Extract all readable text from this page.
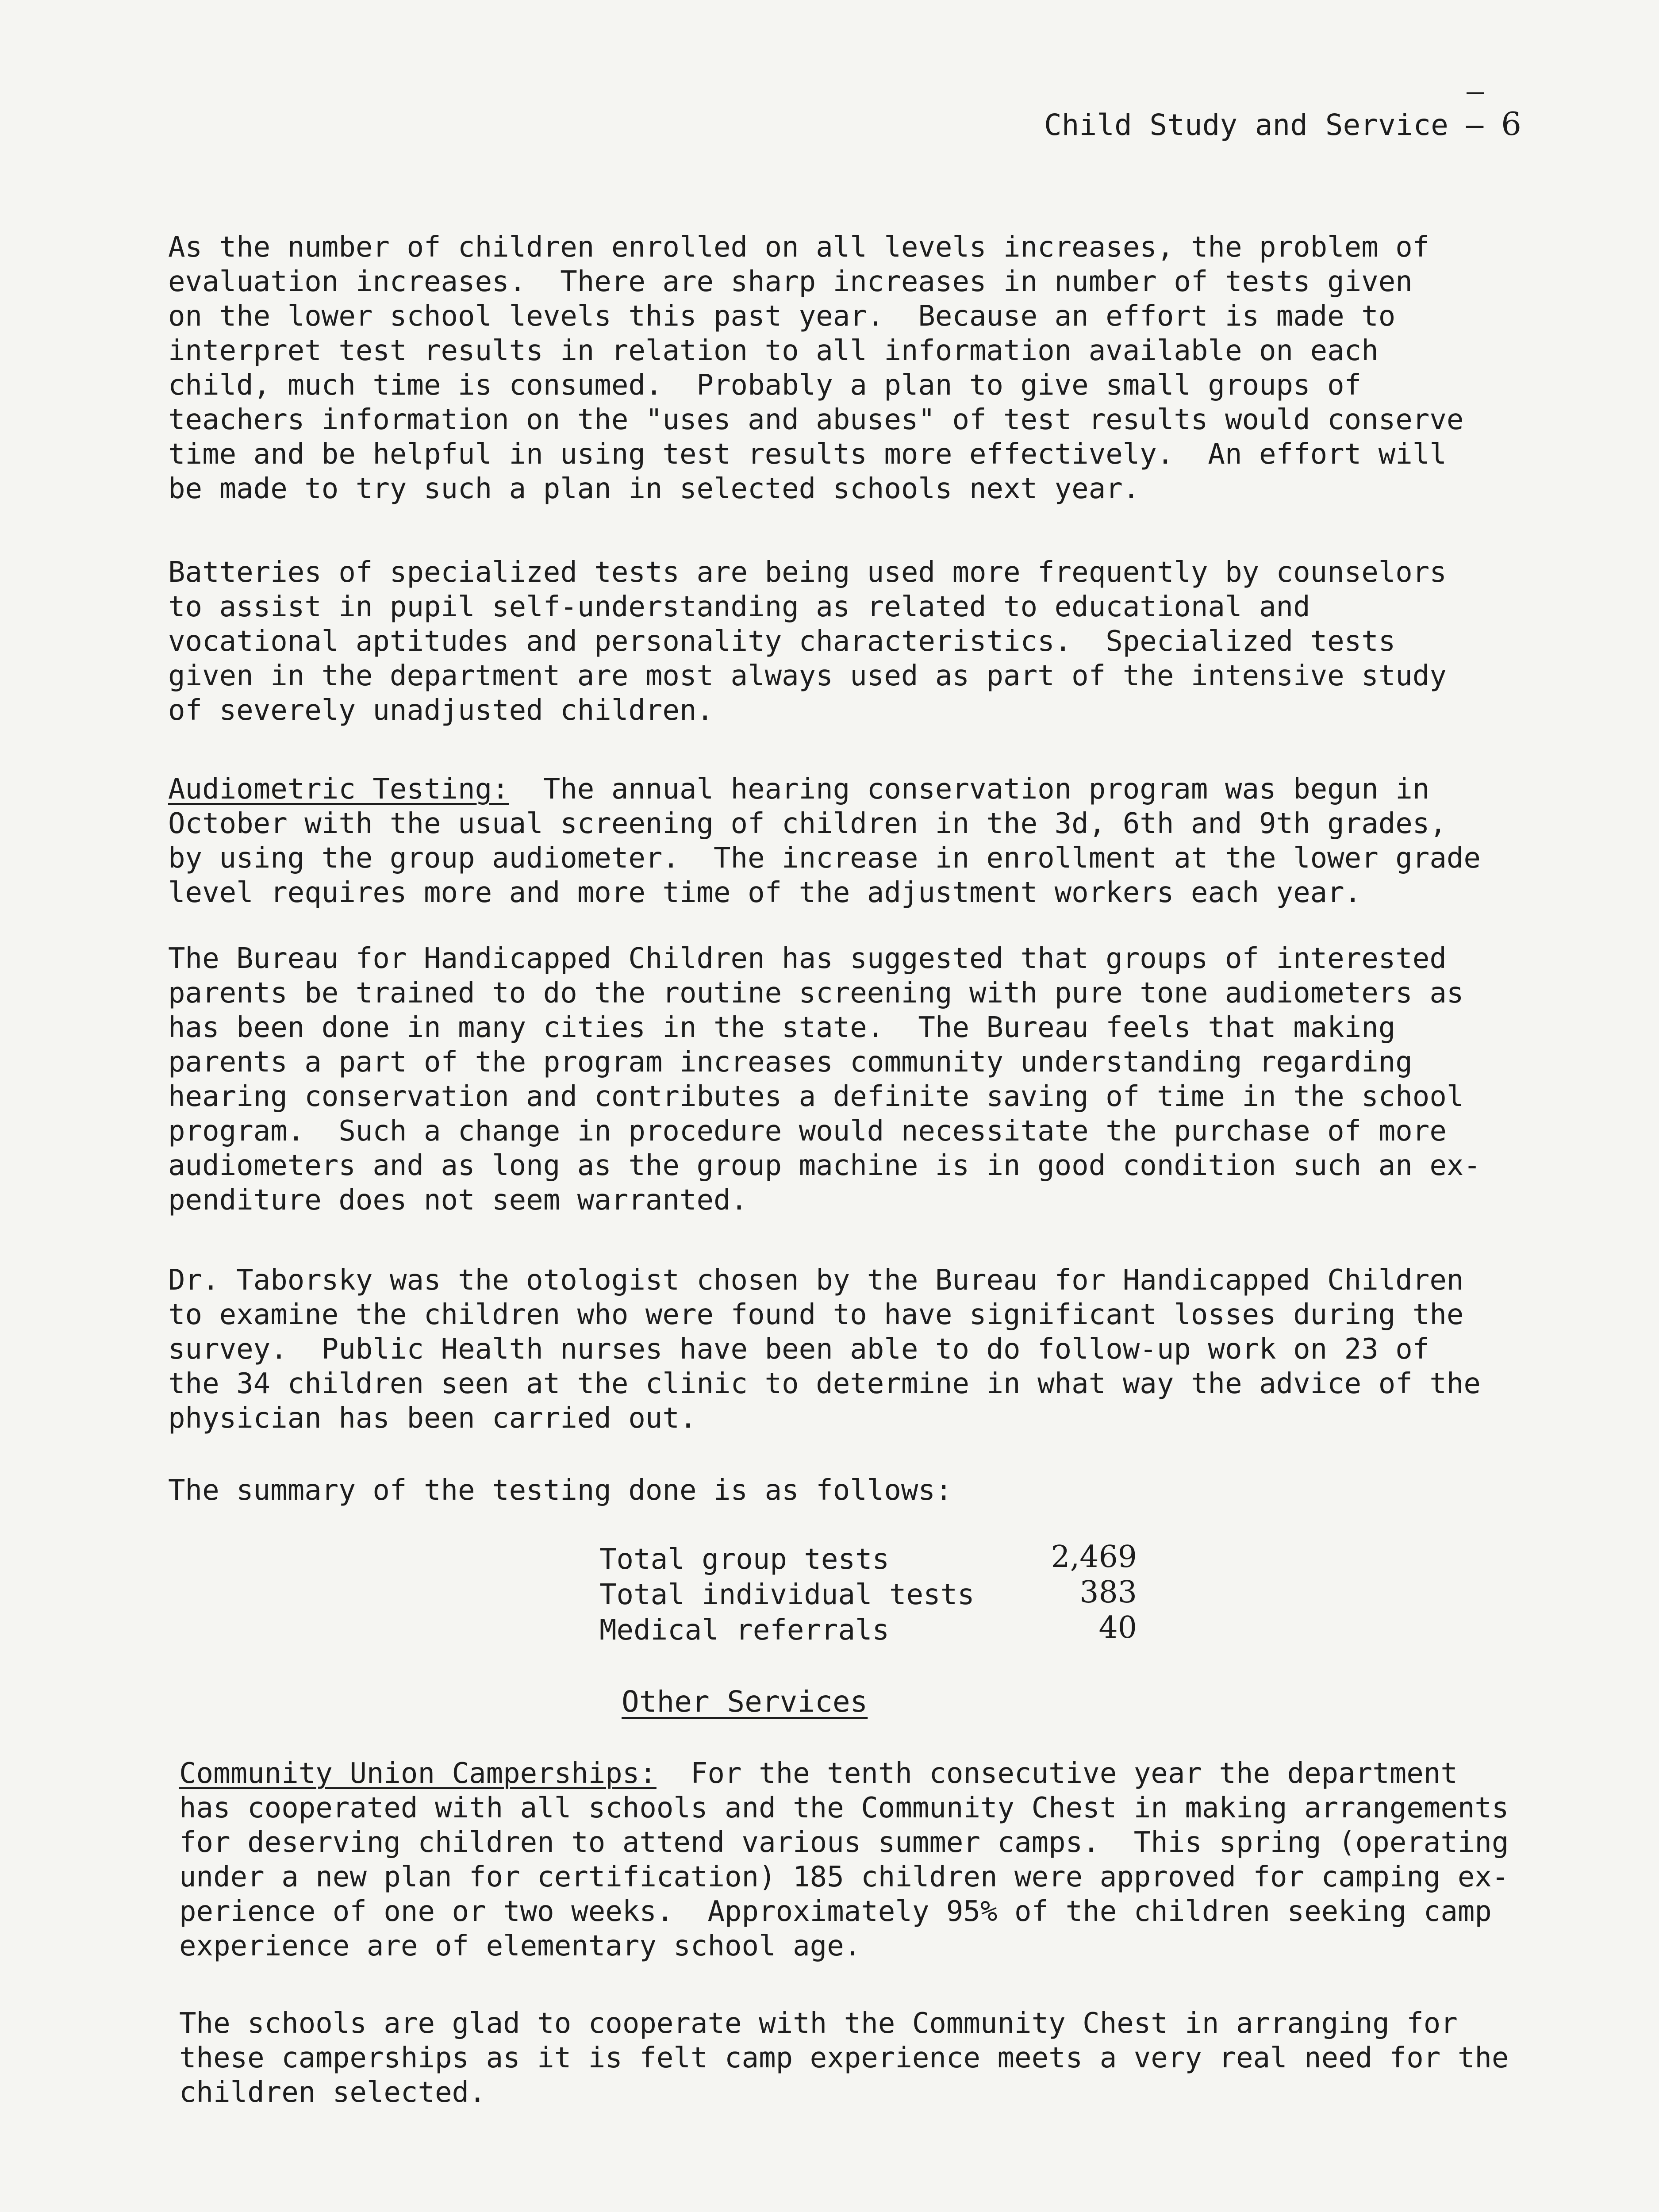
–
Child Study and Service – 6
As the number of children enrolled on all levels increases, the problem of
evaluation increases.  There are sharp increases in number of tests given
on the lower school levels this past year.  Because an effort is made to
interpret test results in relation to all information available on each
child, much time is consumed.  Probably a plan to give small groups of
teachers information on the "uses and abuses" of test results would conserve
time and be helpful in using test results more effectively.  An effort will
be made to try such a plan in selected schools next year.
Batteries of specialized tests are being used more frequently by counselors
to assist in pupil self-understanding as related to educational and
vocational aptitudes and personality characteristics.  Specialized tests
given in the department are most always used as part of the intensive study
of severely unadjusted children.
Audiometric Testing:  The annual hearing conservation program was begun in
October with the usual screening of children in the 3d, 6th and 9th grades,
by using the group audiometer.  The increase in enrollment at the lower grade
level requires more and more time of the adjustment workers each year.
The Bureau for Handicapped Children has suggested that groups of interested
parents be trained to do the routine screening with pure tone audiometers as
has been done in many cities in the state.  The Bureau feels that making
parents a part of the program increases community understanding regarding
hearing conservation and contributes a definite saving of time in the school
program.  Such a change in procedure would necessitate the purchase of more
audiometers and as long as the group machine is in good condition such an ex-
penditure does not seem warranted.
Dr. Taborsky was the otologist chosen by the Bureau for Handicapped Children
to examine the children who were found to have significant losses during the
survey.  Public Health nurses have been able to do follow-up work on 23 of
the 34 children seen at the clinic to determine in what way the advice of the
physician has been carried out.
The summary of the testing done is as follows:
Total group tests	2,469
Total individual tests	383
Medical referrals	40
Other Services
Community Union Camperships:  For the tenth consecutive year the department
has cooperated with all schools and the Community Chest in making arrangements
for deserving children to attend various summer camps.  This spring (operating
under a new plan for certification) 185 children were approved for camping ex-
perience of one or two weeks.  Approximately 95% of the children seeking camp
experience are of elementary school age.
The schools are glad to cooperate with the Community Chest in arranging for
these camperships as it is felt camp experience meets a very real need for the
children selected.
